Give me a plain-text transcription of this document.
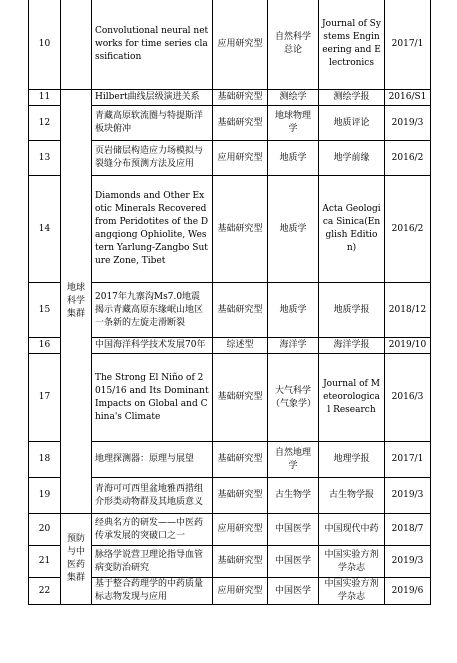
10		Convolutional neural networks for time series classification	应用研究型	自然科学总论	Journal of Systems Engineering and Electronics	2017/1
11	地球科学集群	Hilbert曲线层级演进关系	基础研究型	测绘学	测绘学报	2016/S1
12		青藏高原软流圈与特提斯洋板块俯冲	基础研究型	地球物理学	地质评论	2019/3
13		页岩储层构造应力场模拟与裂缝分布预测方法及应用	应用研究型	地质学	地学前缘	2016/2
14		Diamonds and Other Exotic Minerals Recovered from Peridotites of the Dangqiong Ophiolite, Western Yarlung-Zangbo Suture Zone, Tibet	基础研究型	地质学	Acta Geologica Sinica(English Edition)	2016/2
15		2017年九寨沟Ms7.0地震揭示青藏高原东缘岷山地区一条新的左旋走滑断裂	基础研究型	地质学	地质学报	2018/12
16		中国海洋科学技术发展70年	综述型	海洋学	海洋学报	2019/10
17		The Strong El Niño of 2015/16 and Its Dominant Impacts on Global and China's Climate	基础研究型	大气科学（气象学）	Journal of Meteorological Research	2016/3
18		地理探测器：原理与展望	基础研究型	自然地理学	地理学报	2017/1
19		青海可可西里盆地雅西措组介形类动物群及其地质意义	基础研究型	古生物学	古生物学报	2019/3
20	预防与中医药集群	经典名方的研发——中医药传承发展的突破口之一	应用研究型	中国医学	中国现代中药	2018/7
21		脉络学说营卫理论指导血管病变防治研究	基础研究型	中国医学	中国实验方剂学杂志	2019/3
22		基于整合药理学的中药质量标志物发现与应用	应用研究型	中国医学	中国实验方剂学杂志	2019/6
